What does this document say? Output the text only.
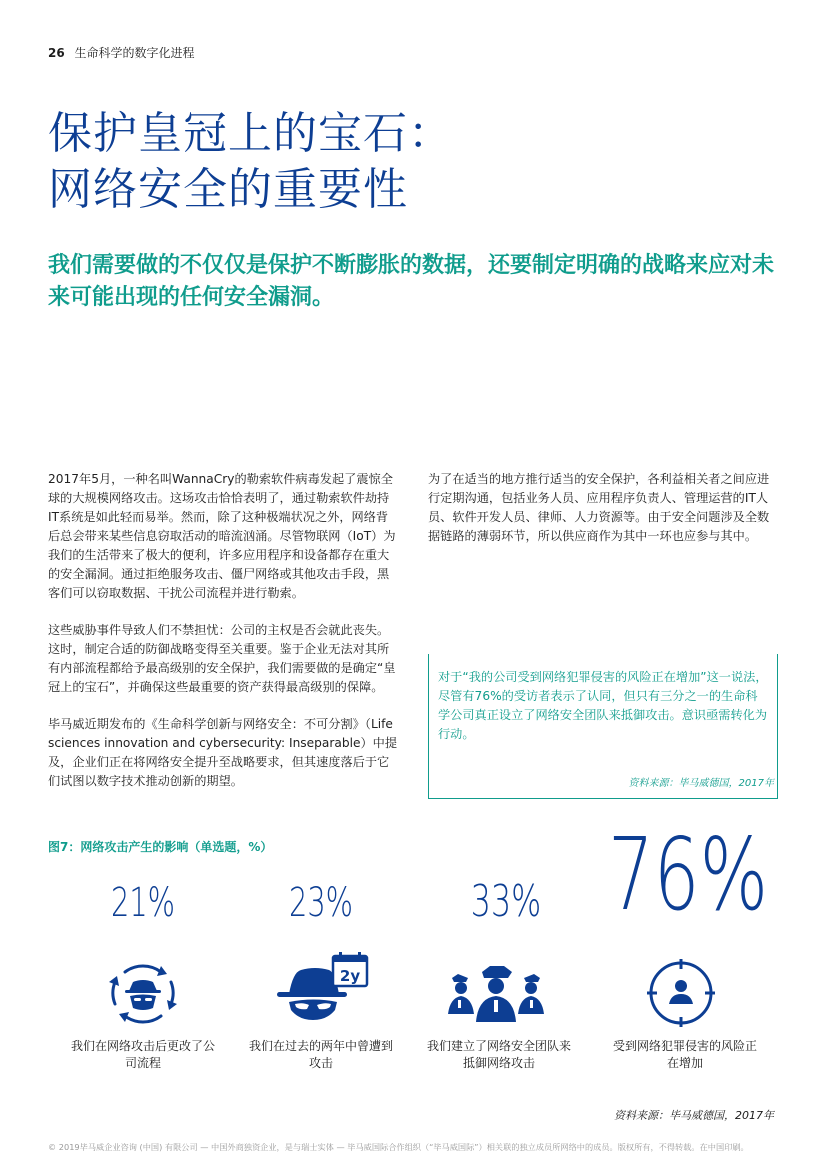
26 生命科学的数字化进程
保护皇冠上的宝石：
网络安全的重要性
我们需要做的不仅仅是保护不断膨胀的数据，还要制定明确的战略来应对未来可能出现的任何安全漏洞。

2017年5月，一种名叫WannaCry的勒索软件病毒发起了震惊全球的大规模网络攻击。这场攻击恰恰表明了，通过勒索软件劫持IT系统是如此轻而易举。然而，除了这种极端状况之外，网络背后总会带来某些信息窃取活动的暗流汹涌。尽管物联网（IoT）为我们的生活带来了极大的便利，许多应用程序和设备都存在重大的安全漏洞。通过拒绝服务攻击、僵尸网络或其他攻击手段，黑客们可以窃取数据、干扰公司流程并进行勒索。

这些威胁事件导致人们不禁担忧：公司的主权是否会就此丧失。这时，制定合适的防御战略变得至关重要。鉴于企业无法对其所有内部流程都给予最高级别的安全保护，我们需要做的是确定“皇冠上的宝石”，并确保这些最重要的资产获得最高级别的保障。

毕马威近期发布的《生命科学创新与网络安全：不可分割》（Life sciences innovation and cybersecurity: Inseparable）中提及，企业们正在将网络安全提升至战略要求，但其速度落后于它们试图以数字技术推动创新的期望。

为了在适当的地方推行适当的安全保护，各利益相关者之间应进行定期沟通，包括业务人员、应用程序负责人、管理运营的IT人员、软件开发人员、律师、人力资源等。由于安全问题涉及全数据链路的薄弱环节，所以供应商作为其中一环也应参与其中。

对于“我的公司受到网络犯罪侵害的风险正在增加”这一说法，尽管有76%的受访者表示了认同，但只有三分之一的生命科学公司真正设立了网络安全团队来抵御攻击。意识亟需转化为行动。
资料来源：毕马威德国，2017年
图7：网络攻击产生的影响（单选题，%）
21%	23%	33% 76%
2y
我们在网络攻击后更改了公司流程
我们在过去的两年中曾遭到攻击
我们建立了网络安全团队来抵御网络攻击
受到网络犯罪侵害的风险正在增加
资料来源：毕马威德国，2017年
© 2019毕马威企业咨询 (中国) 有限公司 — 中国外商独资企业，是与瑞士实体 — 毕马威国际合作组织（“毕马威国际”）相关联的独立成员所网络中的成员。版权所有，不得转载。在中国印刷。
